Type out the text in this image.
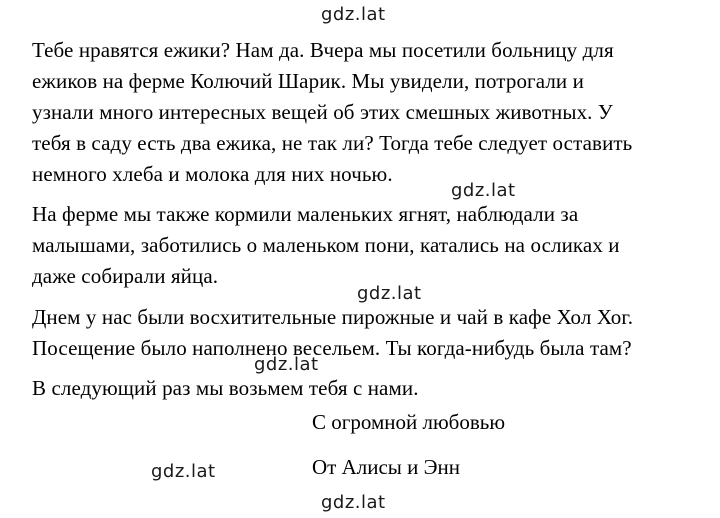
Тебе нравятся ежики? Нам да. Вчера мы посетили больницу для
ежиков на ферме Колючий Шарик. Мы увидели, потрогали и
узнали много интересных вещей об этих смешных животных. У
тебя в саду есть два ежика, не так ли? Тогда тебе следует оставить
немного хлеба и молока для них ночью.

На ферме мы также кормили маленьких ягнят, наблюдали за
малышами, заботились о маленьком пони, катались на осликах и
даже собирали яйца.

Днем у нас были восхитительные пирожные и чай в кафе Хол Хог.
Посещение было наполнено весельем. Ты когда-нибудь была там?

В следующий раз мы возьмем тебя с нами.

С огромной любовью
От Алисы и Энн
gdz.lat
gdz.lat
gdz.lat
gdz.lat
gdz.lat
gdz.lat
